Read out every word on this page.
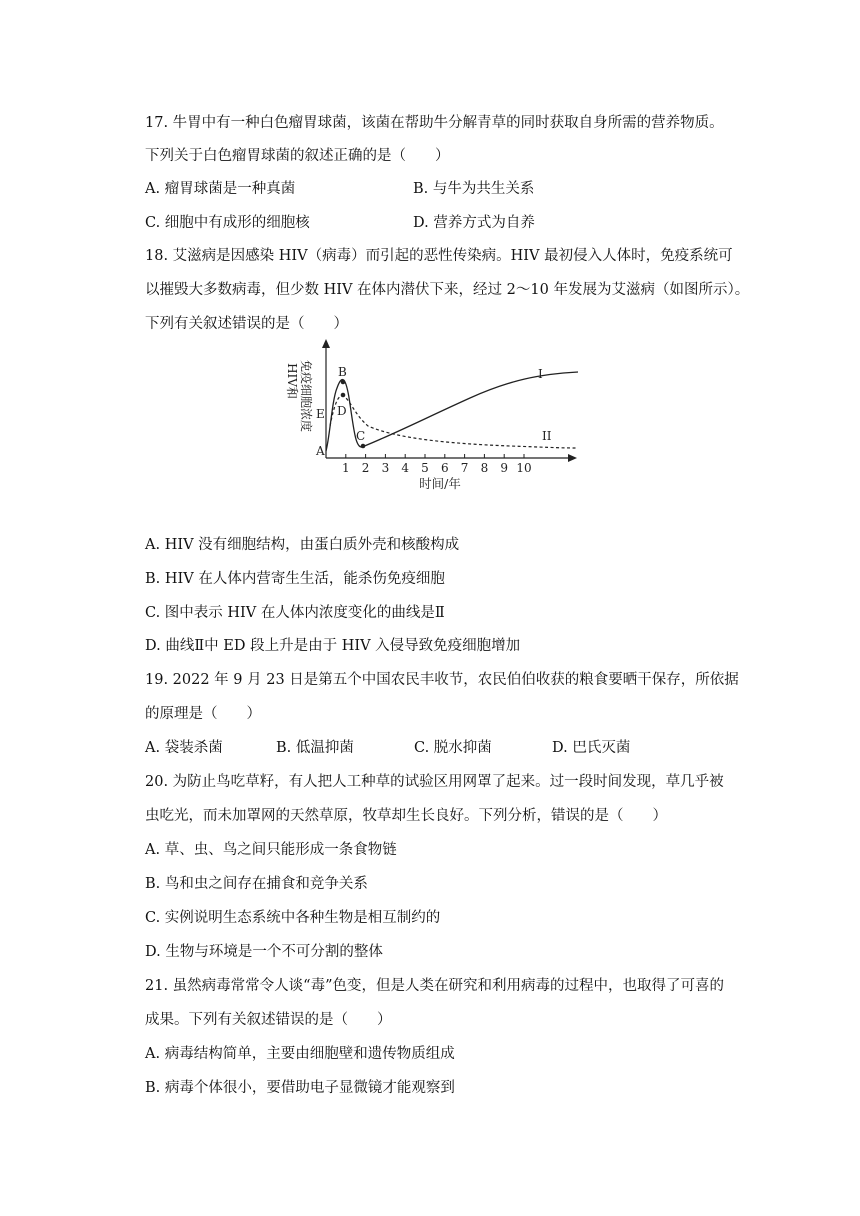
17. 牛胃中有一种白色瘤胃球菌，该菌在帮助牛分解青草的同时获取自身所需的营养物质。
下列关于白色瘤胃球菌的叙述正确的是（　　）
A. 瘤胃球菌是一种真菌	B. 与牛为共生关系
C. 细胞中有成形的细胞核	D. 营养方式为自养
18. 艾滋病是因感染 HIV（病毒）而引起的恶性传染病。HIV 最初侵入人体时，免疫系统可
以摧毁大多数病毒，但少数 HIV 在体内潜伏下来，经过 2～10 年发展为艾滋病（如图所示）。
下列有关叙述错误的是（　　）
HIV和 免疫细胞浓度
A
B
C
D
E
I
II
1 2 3 4 5 6 7 8 9 10
时间/年
A. HIV 没有细胞结构，由蛋白质外壳和核酸构成
B. HIV 在人体内营寄生生活，能杀伤免疫细胞
C. 图中表示 HIV 在人体内浓度变化的曲线是Ⅱ
D. 曲线Ⅱ中 ED 段上升是由于 HIV 入侵导致免疫细胞增加
19. 2022 年 9 月 23 日是第五个中国农民丰收节，农民伯伯收获的粮食要晒干保存，所依据
的原理是（　　）
A. 袋装杀菌	B. 低温抑菌	C. 脱水抑菌	D. 巴氏灭菌
20. 为防止鸟吃草籽，有人把人工种草的试验区用网罩了起来。过一段时间发现，草几乎被
虫吃光，而未加罩网的天然草原，牧草却生长良好。下列分析，错误的是（　　）
A. 草、虫、鸟之间只能形成一条食物链
B. 鸟和虫之间存在捕食和竞争关系
C. 实例说明生态系统中各种生物是相互制约的
D. 生物与环境是一个不可分割的整体
21. 虽然病毒常常令人谈“毒”色变，但是人类在研究和利用病毒的过程中，也取得了可喜的
成果。下列有关叙述错误的是（　　）
A. 病毒结构简单，主要由细胞壁和遗传物质组成
B. 病毒个体很小，要借助电子显微镜才能观察到
